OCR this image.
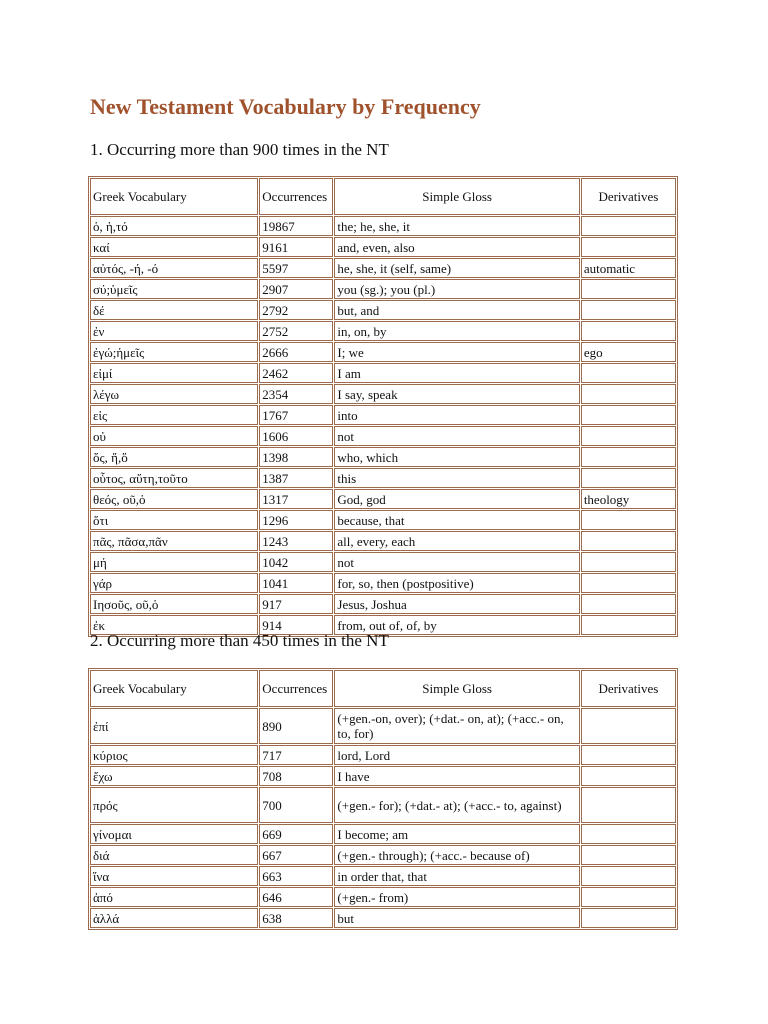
New Testament Vocabulary by Frequency
1. Occurring more than 900 times in the NT
Greek Vocabulary	Occurrences	Simple Gloss	Derivatives
ὁ, ἡ,τό	19867	the; he, she, it	
καί	9161	and, even, also	
αὐτός, -ή, -ό	5597	he, she, it (self, same)	automatic
σύ;ὑμεῖς	2907	you (sg.); you (pl.)	
δέ	2792	but, and	
ἐν	2752	in, on, by	
ἐγώ;ἡμεῖς	2666	I; we	ego
εἰμί	2462	I am	
λέγω	2354	I say, speak	
εἰς	1767	into	
οὐ	1606	not	
ὅς, ἥ,ὅ	1398	who, which	
οὗτος, αὕτη,τοῦτο	1387	this	
θεός, οῦ,ὁ	1317	God, god	theology
ὅτι	1296	because, that	
πᾶς, πᾶσα,πᾶν	1243	all, every, each	
μή	1042	not	
γάρ	1041	for, so, then (postpositive)	
Ιησοῦς, οῦ,ὁ	917	Jesus, Joshua	
ἐκ	914	from, out of, of, by	
2. Occurring more than 450 times in the NT
Greek Vocabulary	Occurrences	Simple Gloss	Derivatives
ἐπί	890	(+gen.-on, over); (+dat.- on, at); (+acc.- on, to, for)	
κύριος	717	lord, Lord	
ἔχω	708	I have	
πρός	700	(+gen.- for); (+dat.- at); (+acc.- to, against)	
γίνομαι	669	I become; am	
διά	667	(+gen.- through); (+acc.- because of)	
ἵνα	663	in order that, that	
ἀπό	646	(+gen.- from)	
ἀλλά	638	but	
